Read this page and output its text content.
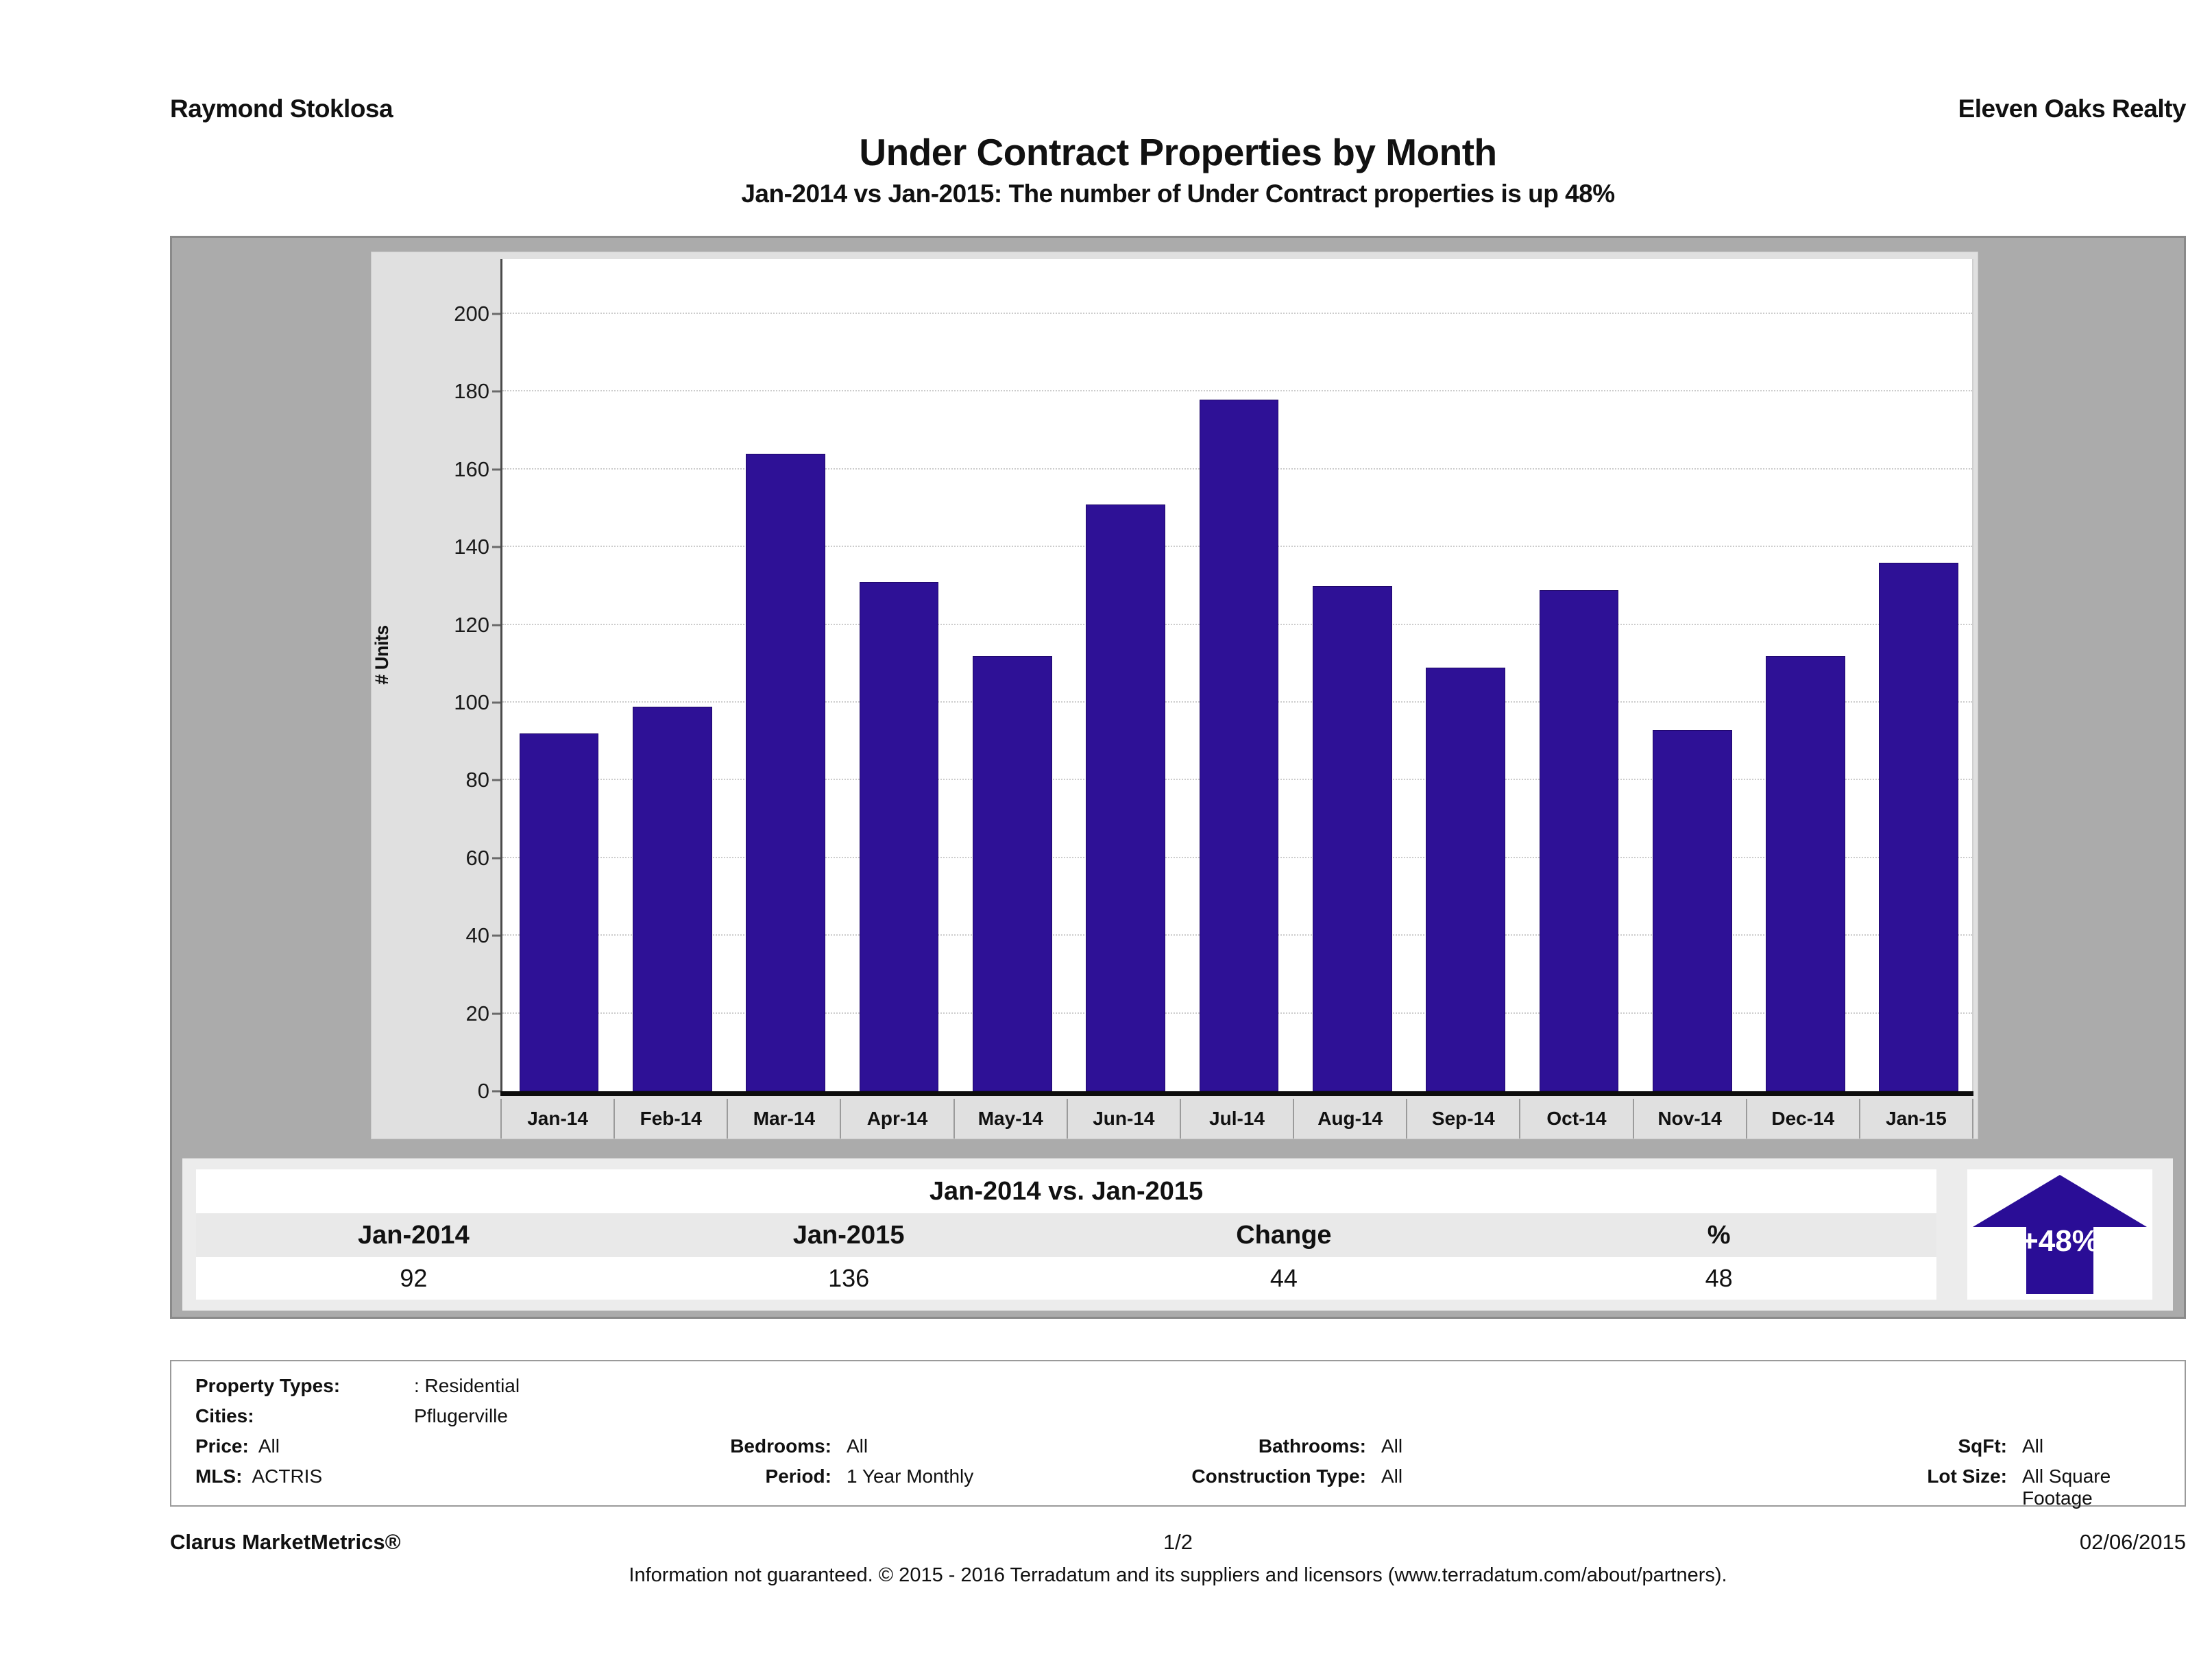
Raymond Stoklosa	Eleven Oaks Realty
Under Contract Properties by Month
Jan-2014 vs Jan-2015: The number of Under Contract properties is up 48%
# Units
0
20
40
60
80
100
120
140
160
180
200
Jan-14	Feb-14	Mar-14	Apr-14	May-14	Jun-14	Jul-14	Aug-14	Sep-14	Oct-14	Nov-14	Dec-14	Jan-15
Jan-2014 vs. Jan-2015
Jan-2014	Jan-2015	Change	%
92	136	44	48
+48%
Property Types:	: Residential
Cities:	Pflugerville
Price: All	Bedrooms: All	Bathrooms: All	SqFt: All
MLS: ACTRIS	Period: 1 Year Monthly	Construction Type: All	Lot Size: All Square Footage
Clarus MarketMetrics®	1/2	02/06/2015
Information not guaranteed. © 2015 - 2016 Terradatum and its suppliers and licensors (www.terradatum.com/about/partners).
